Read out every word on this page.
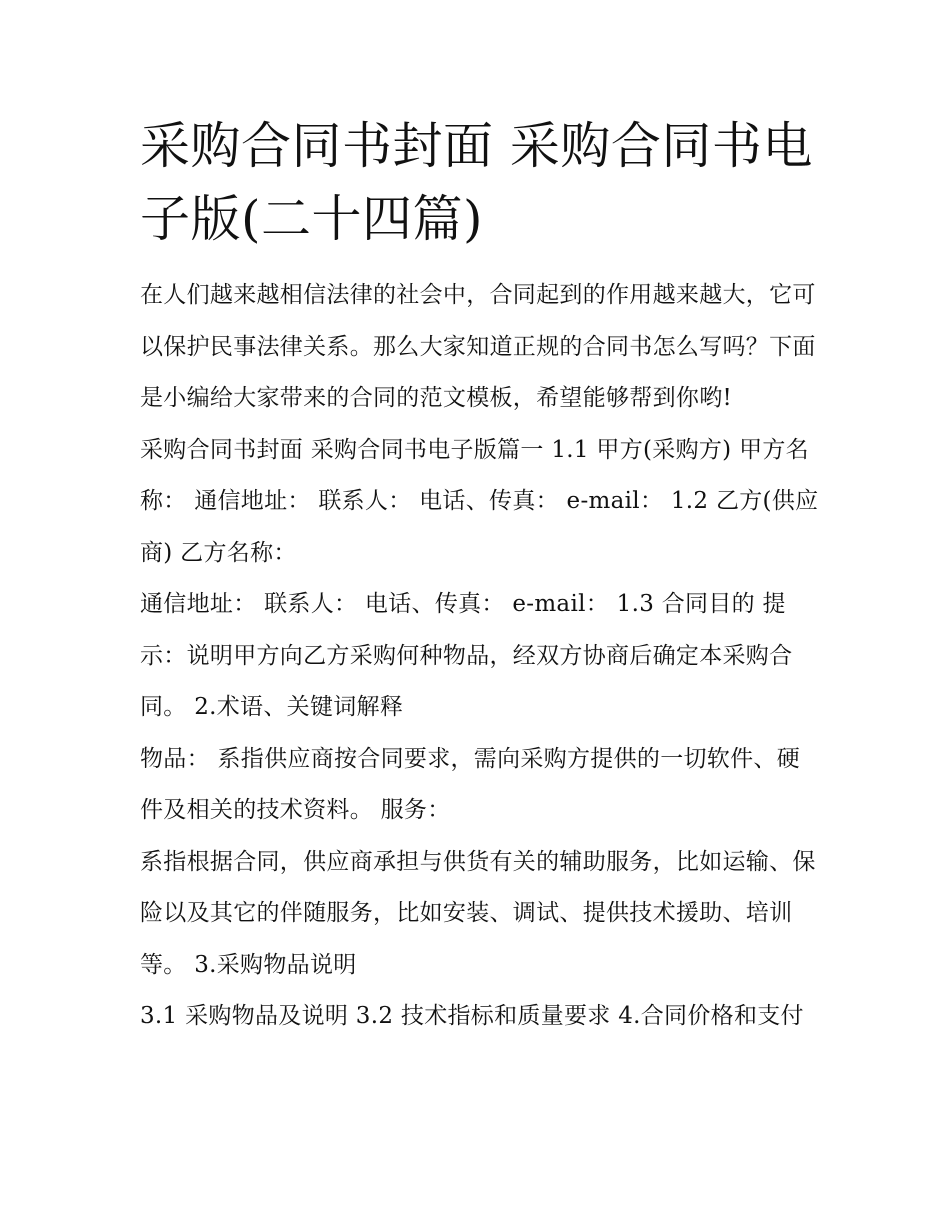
采购合同书封面 采购合同书电子版(二十四篇)

在人们越来越相信法律的社会中，合同起到的作用越来越大，它可以保护民事法律关系。那么大家知道正规的合同书怎么写吗？下面是小编给大家带来的合同的范文模板，希望能够帮到你哟!

采购合同书封面 采购合同书电子版篇一 1.1 甲方(采购方) 甲方名称： 通信地址： 联系人： 电话、传真： e-mail： 1.2 乙方(供应商) 乙方名称：

通信地址： 联系人： 电话、传真： e-mail： 1.3 合同目的 提示：说明甲方向乙方采购何种物品，经双方协商后确定本采购合同。 2.术语、关键词解释

物品： 系指供应商按合同要求，需向采购方提供的一切软件、硬件及相关的技术资料。 服务：

系指根据合同，供应商承担与供货有关的辅助服务，比如运输、保险以及其它的伴随服务，比如安装、调试、提供技术援助、培训等。 3.采购物品说明

3.1 采购物品及说明 3.2 技术指标和质量要求 4.合同价格和支付
